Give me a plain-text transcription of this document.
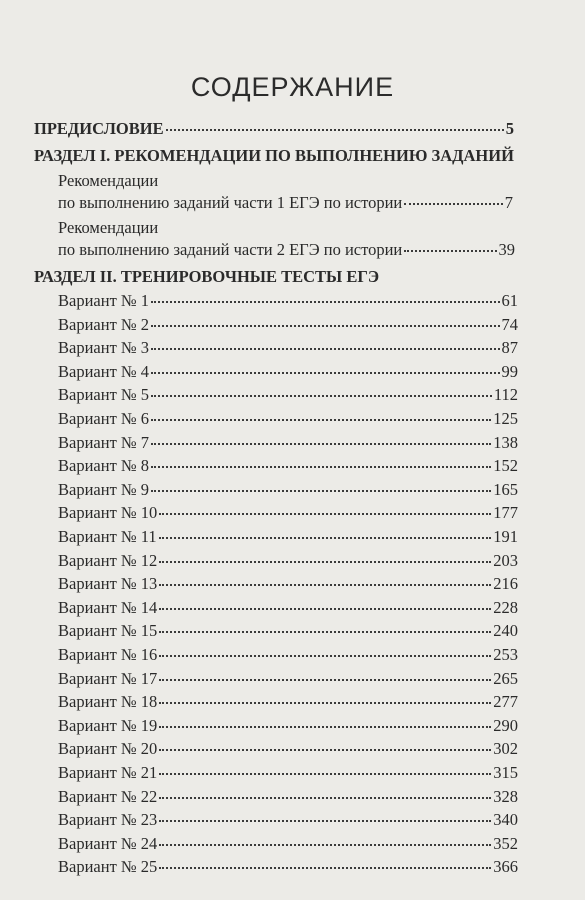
СОДЕРЖАНИЕ
ПРЕДИСЛОВИЕ	5
РАЗДЕЛ I. РЕКОМЕНДАЦИИ ПО ВЫПОЛНЕНИЮ ЗАДАНИЙ
Рекомендации
по выполнению заданий части 1 ЕГЭ по истории	7
Рекомендации
по выполнению заданий части 2 ЕГЭ по истории	39
РАЗДЕЛ II. ТРЕНИРОВОЧНЫЕ ТЕСТЫ ЕГЭ
Вариант № 1	61
Вариант № 2	74
Вариант № 3	87
Вариант № 4	99
Вариант № 5	112
Вариант № 6	125
Вариант № 7	138
Вариант № 8	152
Вариант № 9	165
Вариант № 10	177
Вариант № 11	191
Вариант № 12	203
Вариант № 13	216
Вариант № 14	228
Вариант № 15	240
Вариант № 16	253
Вариант № 17	265
Вариант № 18	277
Вариант № 19	290
Вариант № 20	302
Вариант № 21	315
Вариант № 22	328
Вариант № 23	340
Вариант № 24	352
Вариант № 25	366
